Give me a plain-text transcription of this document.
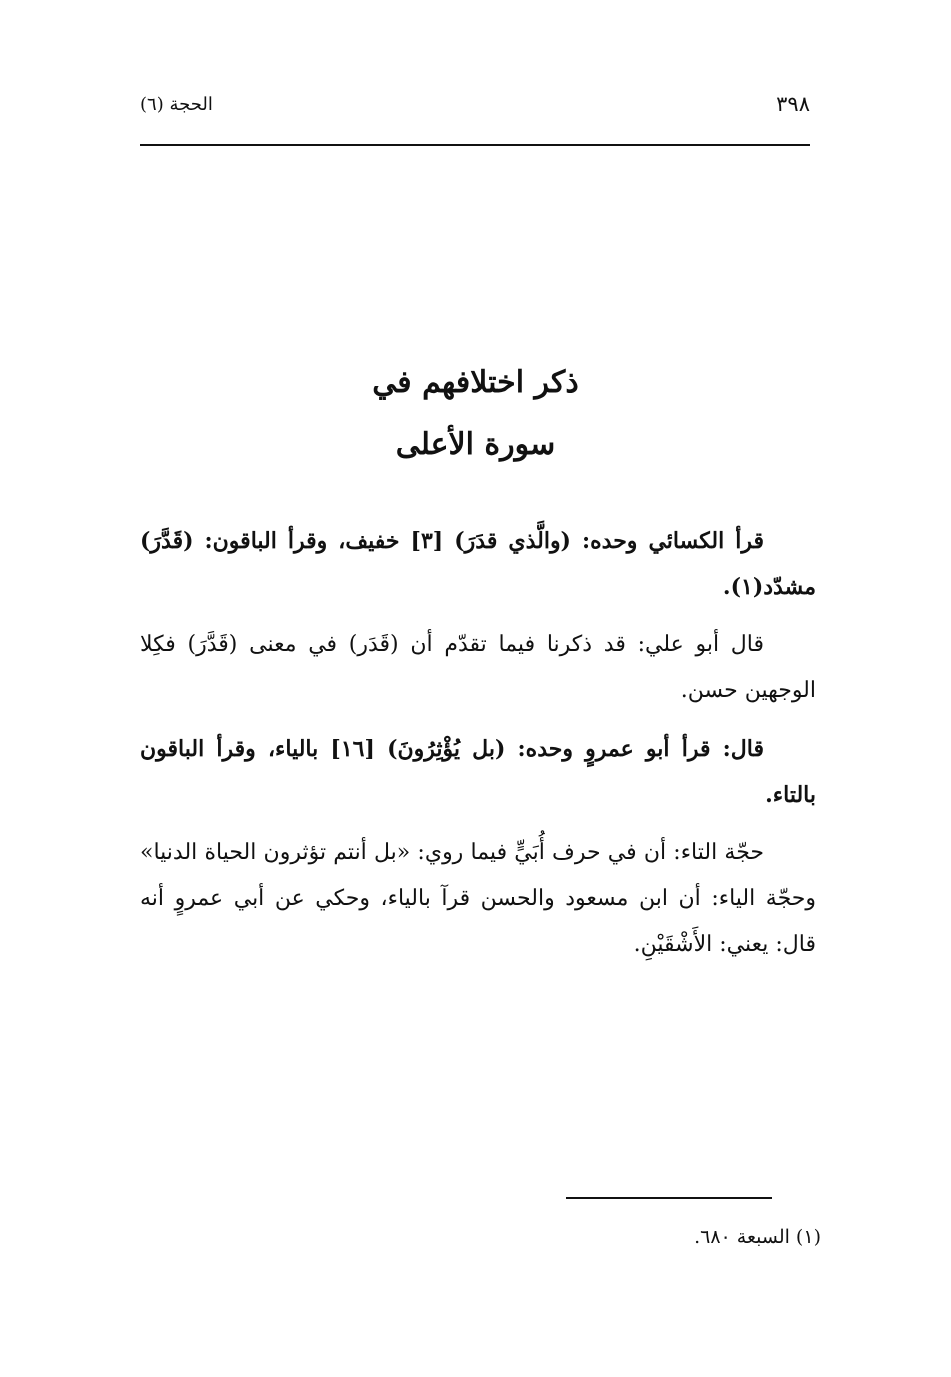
٣٩٨
الحجة (٦)
ذكر اختلافهم في
سورة الأعلى

قرأ الكسائي وحده: (والَّذي قدَرَ) [٣] خفيف، وقرأ الباقون: (قَدَّرَ) مشدّد(١).

قال أبو علي: قد ذكرنا فيما تقدّم أن (قَدَر) في معنى (قَدَّرَ) فكِلا الوجهين حسن.

قال: قرأ أبو عمروٍ وحده: (بل يُؤْثِرُونَ) [١٦] بالياء، وقرأ الباقون بالتاء.

حجّة التاء: أن في حرف أُبَيٍّ فيما روي: «بل أنتم تؤثرون الحياة الدنيا» وحجّة الياء: أن ابن مسعود والحسن قرآ بالياء، وحكي عن أبي عمروٍ أنه قال: يعني: الأَشْقَيْنِ.

(١) السبعة ٦٨٠.
